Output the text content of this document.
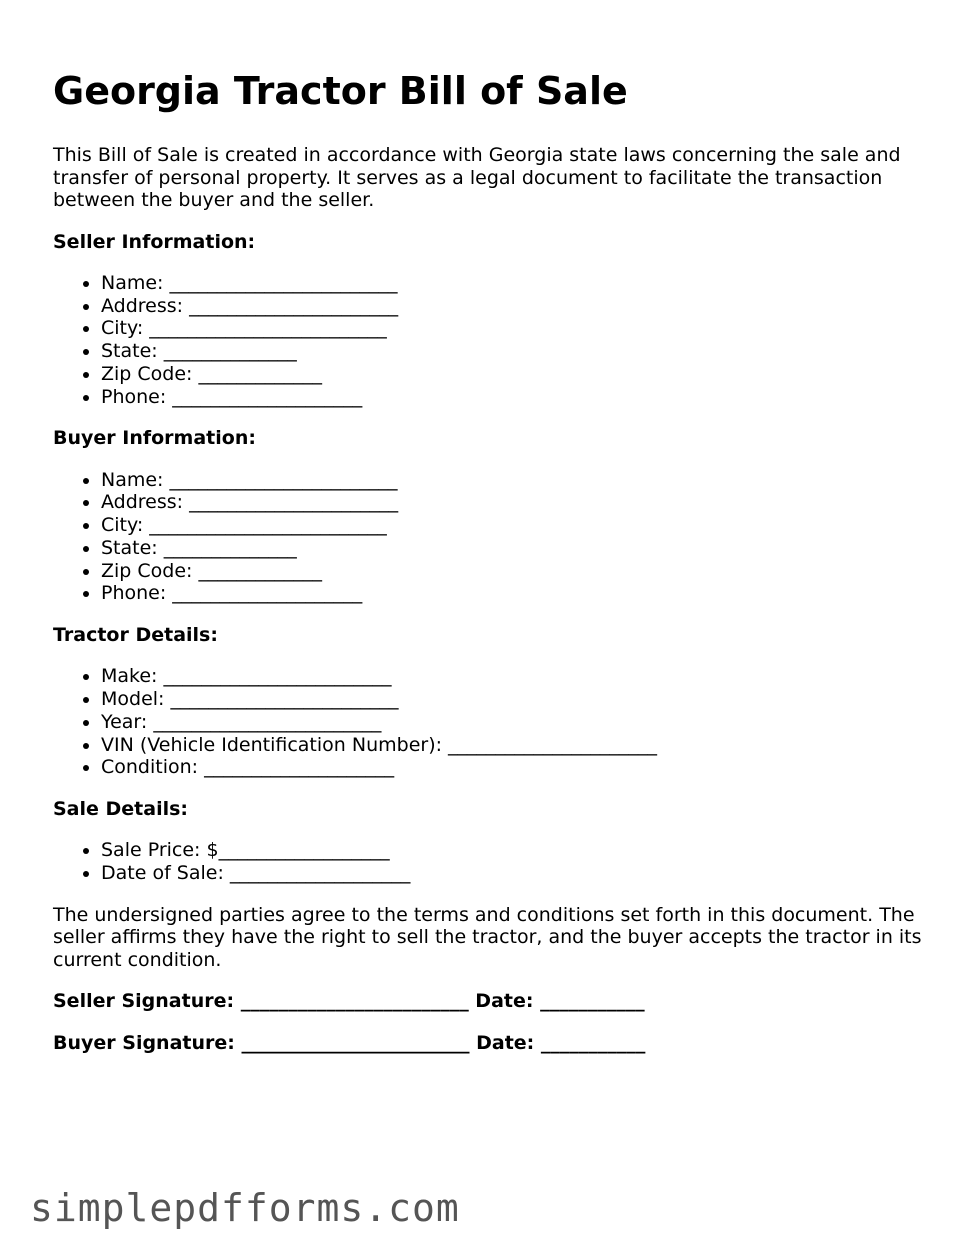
Georgia Tractor Bill of Sale

This Bill of Sale is created in accordance with Georgia state laws concerning the sale and transfer of personal property. It serves as a legal document to facilitate the transaction between the buyer and the seller.

Seller Information:
• Name: ________________________
• Address: ______________________
• City: _________________________
• State: ______________
• Zip Code: _____________
• Phone: ____________________
Buyer Information:
• Name: ________________________
• Address: ______________________
• City: _________________________
• State: ______________
• Zip Code: _____________
• Phone: ____________________
Tractor Details:
• Make: ________________________
• Model: ________________________
• Year: ________________________
• VIN (Vehicle Identification Number): ______________________
• Condition: ____________________
Sale Details:
• Sale Price: $__________________
• Date of Sale: ___________________

The undersigned parties agree to the terms and conditions set forth in this document. The seller affirms they have the right to sell the tractor, and the buyer accepts the tractor in its current condition.

Seller Signature: ________________________ Date: ___________

Buyer Signature: ________________________ Date: ___________

simplepdfforms.com
